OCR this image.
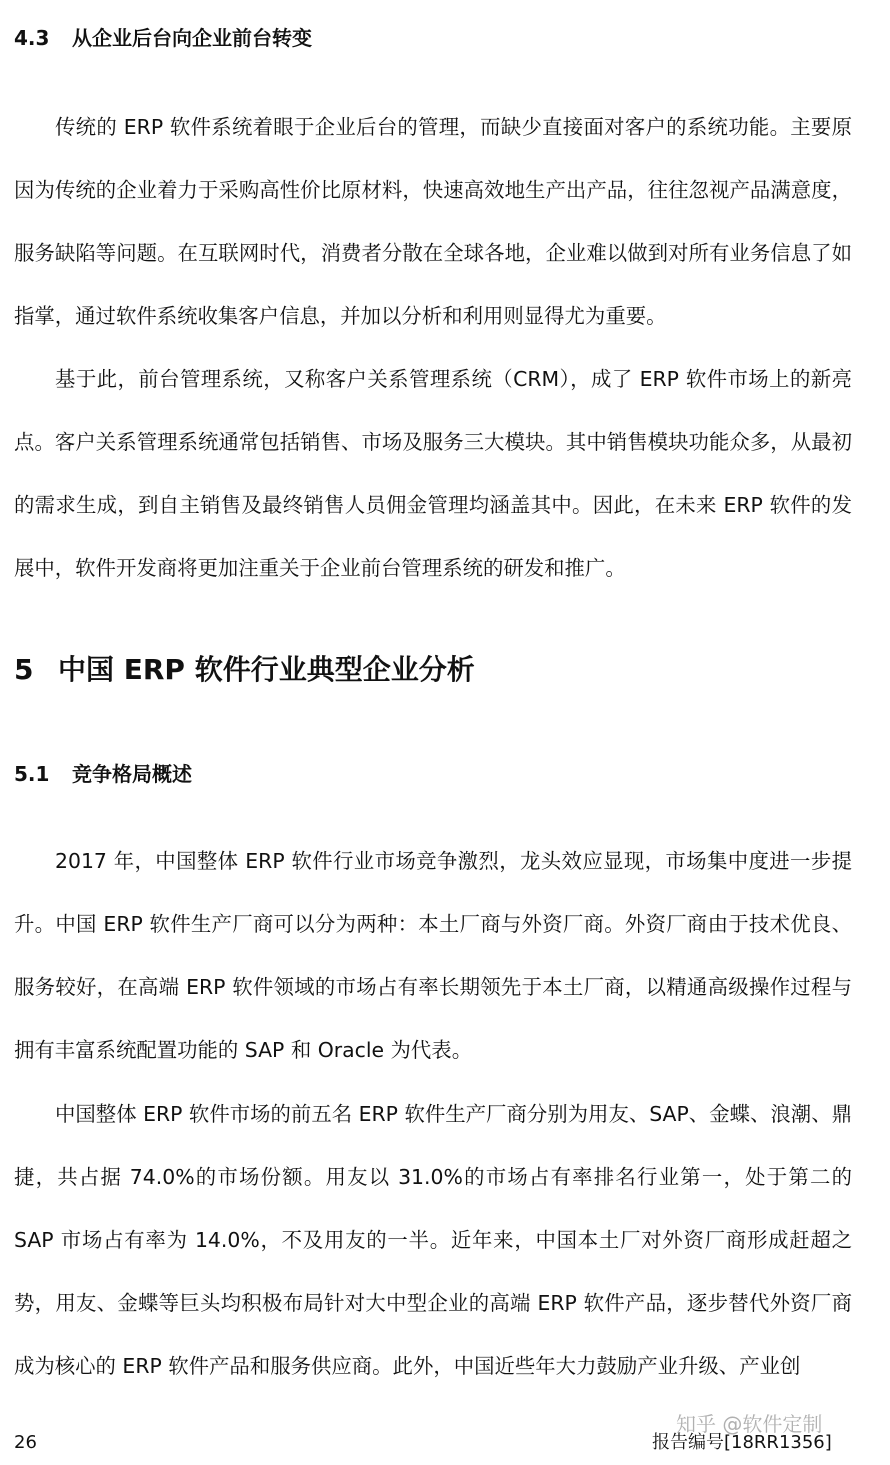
4.3 从企业后台向企业前台转变

传统的 ERP 软件系统着眼于企业后台的管理，而缺少直接面对客户的系统功能。主要原因为传统的企业着力于采购高性价比原材料，快速高效地生产出产品，往往忽视产品满意度，服务缺陷等问题。在互联网时代，消费者分散在全球各地，企业难以做到对所有业务信息了如指掌，通过软件系统收集客户信息，并加以分析和利用则显得尤为重要。

基于此，前台管理系统，又称客户关系管理系统（CRM），成了 ERP 软件市场上的新亮点。客户关系管理系统通常包括销售、市场及服务三大模块。其中销售模块功能众多，从最初的需求生成，到自主销售及最终销售人员佣金管理均涵盖其中。因此，在未来 ERP 软件的发展中，软件开发商将更加注重关于企业前台管理系统的研发和推广。

5 中国 ERP 软件行业典型企业分析
5.1 竞争格局概述

2017 年，中国整体 ERP 软件行业市场竞争激烈，龙头效应显现，市场集中度进一步提升。中国 ERP 软件生产厂商可以分为两种：本土厂商与外资厂商。外资厂商由于技术优良、服务较好，在高端 ERP 软件领域的市场占有率长期领先于本土厂商，以精通高级操作过程与拥有丰富系统配置功能的 SAP 和 Oracle 为代表。

中国整体 ERP 软件市场的前五名 ERP 软件生产厂商分别为用友、SAP、金蝶、浪潮、鼎捷，共占据 74.0%的市场份额。用友以 31.0%的市场占有率排名行业第一，处于第二的 SAP 市场占有率为 14.0%，不及用友的一半。近年来，中国本土厂对外资厂商形成赶超之势，用友、金蝶等巨头均积极布局针对大中型企业的高端 ERP 软件产品，逐步替代外资厂商成为核心的 ERP 软件产品和服务供应商。此外，中国近些年大力鼓励产业升级、产业创

知乎 @软件定制
26	报告编号[18RR1356]
